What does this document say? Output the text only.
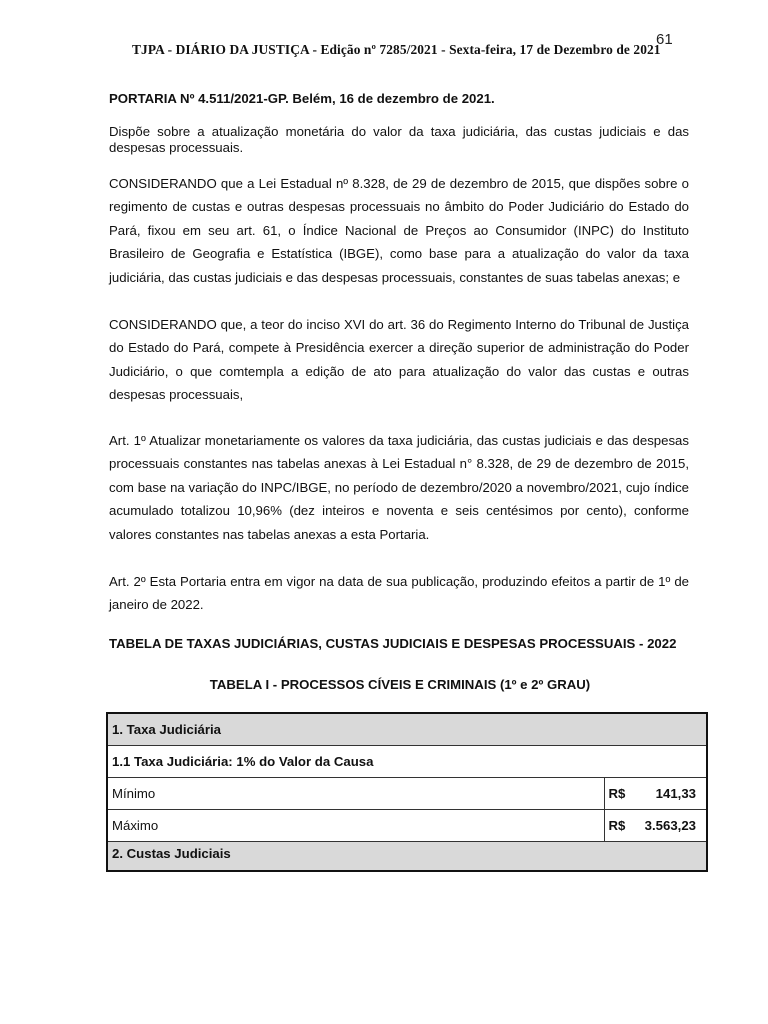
61
TJPA - DIÁRIO DA JUSTIÇA - Edição nº 7285/2021 - Sexta-feira, 17 de Dezembro de 2021
PORTARIA Nº 4.511/2021-GP. Belém, 16 de dezembro de 2021.

Dispõe sobre a atualização monetária do valor da taxa judiciária, das custas judiciais e das despesas processuais.

CONSIDERANDO que a Lei Estadual nº 8.328, de 29 de dezembro de 2015, que dispões sobre o regimento de custas e outras despesas processuais no âmbito do Poder Judiciário do Estado do Pará, fixou em seu art. 61, o Índice Nacional de Preços ao Consumidor (INPC) do Instituto Brasileiro de Geografia e Estatística (IBGE), como base para a atualização do valor da taxa judiciária, das custas judiciais e das despesas processuais, constantes de suas tabelas anexas; e

CONSIDERANDO que, a teor do inciso XVI do art. 36 do Regimento Interno do Tribunal de Justiça do Estado do Pará, compete à Presidência exercer a direção superior de administração do Poder Judiciário, o que comtempla a edição de ato para atualização do valor das custas e outras despesas processuais,

Art. 1º Atualizar monetariamente os valores da taxa judiciária, das custas judiciais e das despesas processuais constantes nas tabelas anexas à Lei Estadual n° 8.328, de 29 de dezembro de 2015, com base na variação do INPC/IBGE, no período de dezembro/2020 a novembro/2021, cujo índice acumulado totalizou 10,96% (dez inteiros e noventa e seis centésimos por cento), conforme valores constantes nas tabelas anexas a esta Portaria.

Art. 2º Esta Portaria entra em vigor na data de sua publicação, produzindo efeitos a partir de 1º de janeiro de 2022.

TABELA DE TAXAS JUDICIÁRIAS, CUSTAS JUDICIAIS E DESPESAS PROCESSUAIS - 2022
TABELA I - PROCESSOS CÍVEIS E CRIMINAIS (1º e 2º GRAU)
1. Taxa Judiciária	
1.1 Taxa Judiciária: 1% do Valor da Causa	
Mínimo	R$ 141,33

Máximo	R$ 3.563,23

2. Custas Judiciais	
